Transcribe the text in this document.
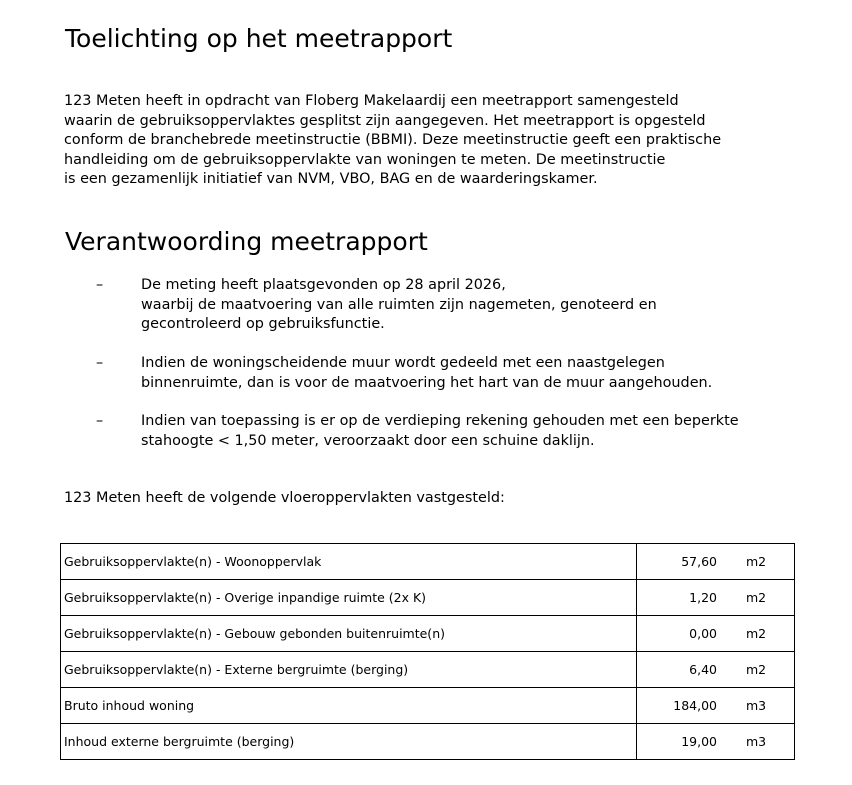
Toelichting op het meetrapport
123 Meten heeft in opdracht van Floberg Makelaardij een meetrapport samengesteld
waarin de gebruiksoppervlaktes gesplitst zijn aangegeven. Het meetrapport is opgesteld
conform de branchebrede meetinstructie (BBMI). Deze meetinstructie geeft een praktische
handleiding om de gebruiksoppervlakte van woningen te meten. De meetinstructie
is een gezamenlijk initiatief van NVM, VBO, BAG en de waarderingskamer.
Verantwoording meetrapport
–	De meting heeft plaatsgevonden op 28 april 2026,
waarbij de maatvoering van alle ruimten zijn nagemeten, genoteerd en
gecontroleerd op gebruiksfunctie.
–	Indien de woningscheidende muur wordt gedeeld met een naastgelegen
binnenruimte, dan is voor de maatvoering het hart van de muur aangehouden.
–	Indien van toepassing is er op de verdieping rekening gehouden met een beperkte
stahoogte < 1,50 meter, veroorzaakt door een schuine daklijn.
123 Meten heeft de volgende vloeroppervlakten vastgesteld:
Gebruiksoppervlakte(n) - Woonoppervlak	57,60	m2
Gebruiksoppervlakte(n) - Overige inpandige ruimte (2x K)	1,20	m2
Gebruiksoppervlakte(n) - Gebouw gebonden buitenruimte(n)	0,00	m2
Gebruiksoppervlakte(n) - Externe bergruimte (berging)	6,40	m2
Bruto inhoud woning	184,00	m3
Inhoud externe bergruimte (berging)	19,00	m3
